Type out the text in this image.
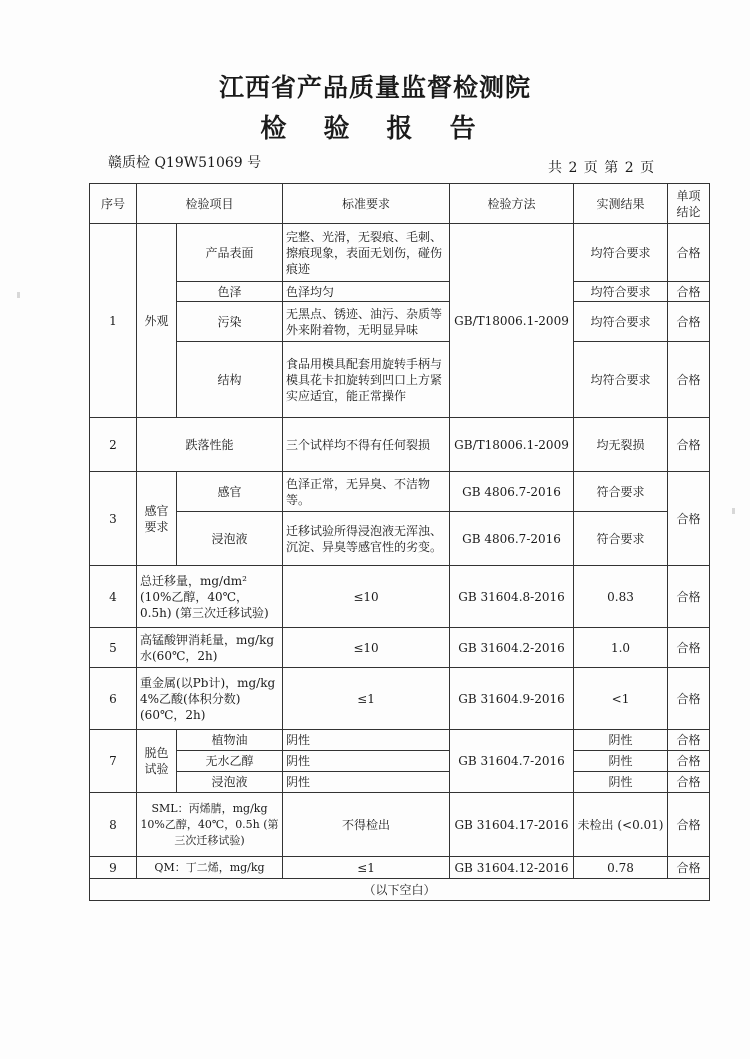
江西省产品质量监督检测院
检 验 报 告
赣质检 Q19W51069 号	共 2 页 第 2 页
序号	检验项目		标准要求	检验方法	实测结果	单项结论
1	外观	产品表面	完整、光滑，无裂痕、毛刺、擦痕现象，表面无划伤，碰伤痕迹	GB/T18006.1-2009	均符合要求	合格
		色泽	色泽均匀		均符合要求	合格
		污染	无黑点、锈迹、油污、杂质等外来附着物，无明显异味		均符合要求	合格
		结构	食品用模具配套用旋转手柄与模具花卡扣旋转到凹口上方紧实应适宜，能正常操作		均符合要求	合格
2	跌落性能		三个试样均不得有任何裂损	GB/T18006.1-2009	均无裂损	合格
3	感官要求	感官	色泽正常，无异臭、不洁物等。	GB 4806.7-2016	符合要求	合格
		浸泡液	迁移试验所得浸泡液无浑浊、沉淀、异臭等感官性的劣变。	GB 4806.7-2016	符合要求	
4	总迁移量，mg/dm² (10%乙醇，40℃，0.5h) (第三次迁移试验)		≤10	GB 31604.8-2016	0.83	合格
5	高锰酸钾消耗量，mg/kg 水(60℃，2h)		≤10	GB 31604.2-2016	1.0	合格
6	重金属(以Pb计)，mg/kg 4%乙酸(体积分数)(60℃，2h)		≤1	GB 31604.9-2016	<1	合格
7	脱色试验	植物油	阴性	GB 31604.7-2016	阴性	合格
		无水乙醇	阴性		阴性	合格
		浸泡液	阴性		阴性	合格
8	SML：丙烯腈，mg/kg 10%乙醇，40℃，0.5h (第三次迁移试验)		不得检出	GB 31604.17-2016	未检出 (<0.01)	合格
9	QM：丁二烯，mg/kg		≤1	GB 31604.12-2016	0.78	合格
（以下空白）						
